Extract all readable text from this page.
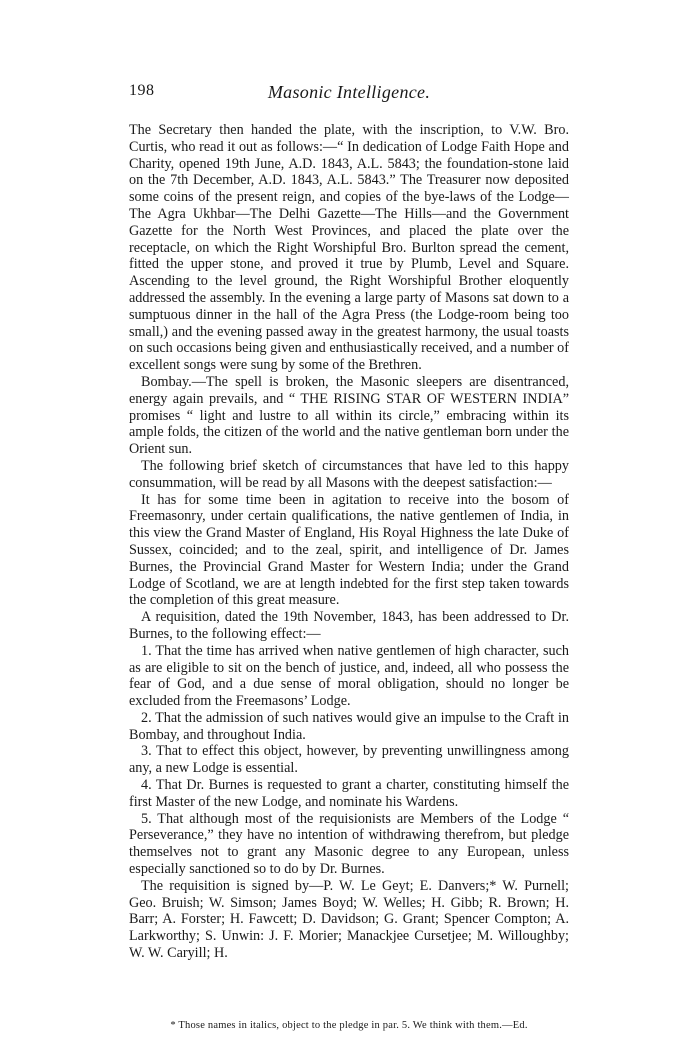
198	Masonic Intelligence.

The Secretary then handed the plate, with the inscription, to V.W. Bro. Curtis, who read it out as follows:—“ In dedication of Lodge Faith Hope and Charity, opened 19th June, A.D. 1843, A.L. 5843; the foundation-stone laid on the 7th December, A.D. 1843, A.L. 5843.” The Treasurer now deposited some coins of the present reign, and copies of the bye-laws of the Lodge—The Agra Ukhbar—The Delhi Gazette—The Hills—and the Government Gazette for the North West Provinces, and placed the plate over the receptacle, on which the Right Worshipful Bro. Burlton spread the cement, fitted the upper stone, and proved it true by Plumb, Level and Square. Ascending to the level ground, the Right Worshipful Brother eloquently addressed the assembly. In the evening a large party of Masons sat down to a sumptuous dinner in the hall of the Agra Press (the Lodge-room being too small,) and the evening passed away in the greatest harmony, the usual toasts on such occasions being given and enthusiastically received, and a number of excellent songs were sung by some of the Brethren.

Bombay.—The spell is broken, the Masonic sleepers are disentranced, energy again prevails, and “ THE RISING STAR OF WESTERN INDIA” promises “ light and lustre to all within its circle,” embracing within its ample folds, the citizen of the world and the native gentleman born under the Orient sun.

The following brief sketch of circumstances that have led to this happy consummation, will be read by all Masons with the deepest satisfaction:—

It has for some time been in agitation to receive into the bosom of Freemasonry, under certain qualifications, the native gentlemen of India, in this view the Grand Master of England, His Royal Highness the late Duke of Sussex, coincided; and to the zeal, spirit, and intelligence of Dr. James Burnes, the Provincial Grand Master for Western India; under the Grand Lodge of Scotland, we are at length indebted for the first step taken towards the completion of this great measure.

A requisition, dated the 19th November, 1843, has been addressed to Dr. Burnes, to the following effect:—

1. That the time has arrived when native gentlemen of high character, such as are eligible to sit on the bench of justice, and, indeed, all who possess the fear of God, and a due sense of moral obligation, should no longer be excluded from the Freemasons’ Lodge.

2. That the admission of such natives would give an impulse to the Craft in Bombay, and throughout India.

3. That to effect this object, however, by preventing unwillingness among any, a new Lodge is essential.

4. That Dr. Burnes is requested to grant a charter, constituting himself the first Master of the new Lodge, and nominate his Wardens.

5. That although most of the requisionists are Members of the Lodge “ Perseverance,” they have no intention of withdrawing therefrom, but pledge themselves not to grant any Masonic degree to any European, unless especially sanctioned so to do by Dr. Burnes.

The requisition is signed by—P. W. Le Geyt; E. Danvers;* W. Purnell; Geo. Bruish; W. Simson; James Boyd; W. Welles; H. Gibb; R. Brown; H. Barr; A. Forster; H. Fawcett; D. Davidson; G. Grant; Spencer Compton; A. Larkworthy; S. Unwin: J. F. Morier; Manackjee Cursetjee; M. Willoughby; W. W. Caryill; H.

* Those names in italics, object to the pledge in par. 5. We think with them.—Ed.
